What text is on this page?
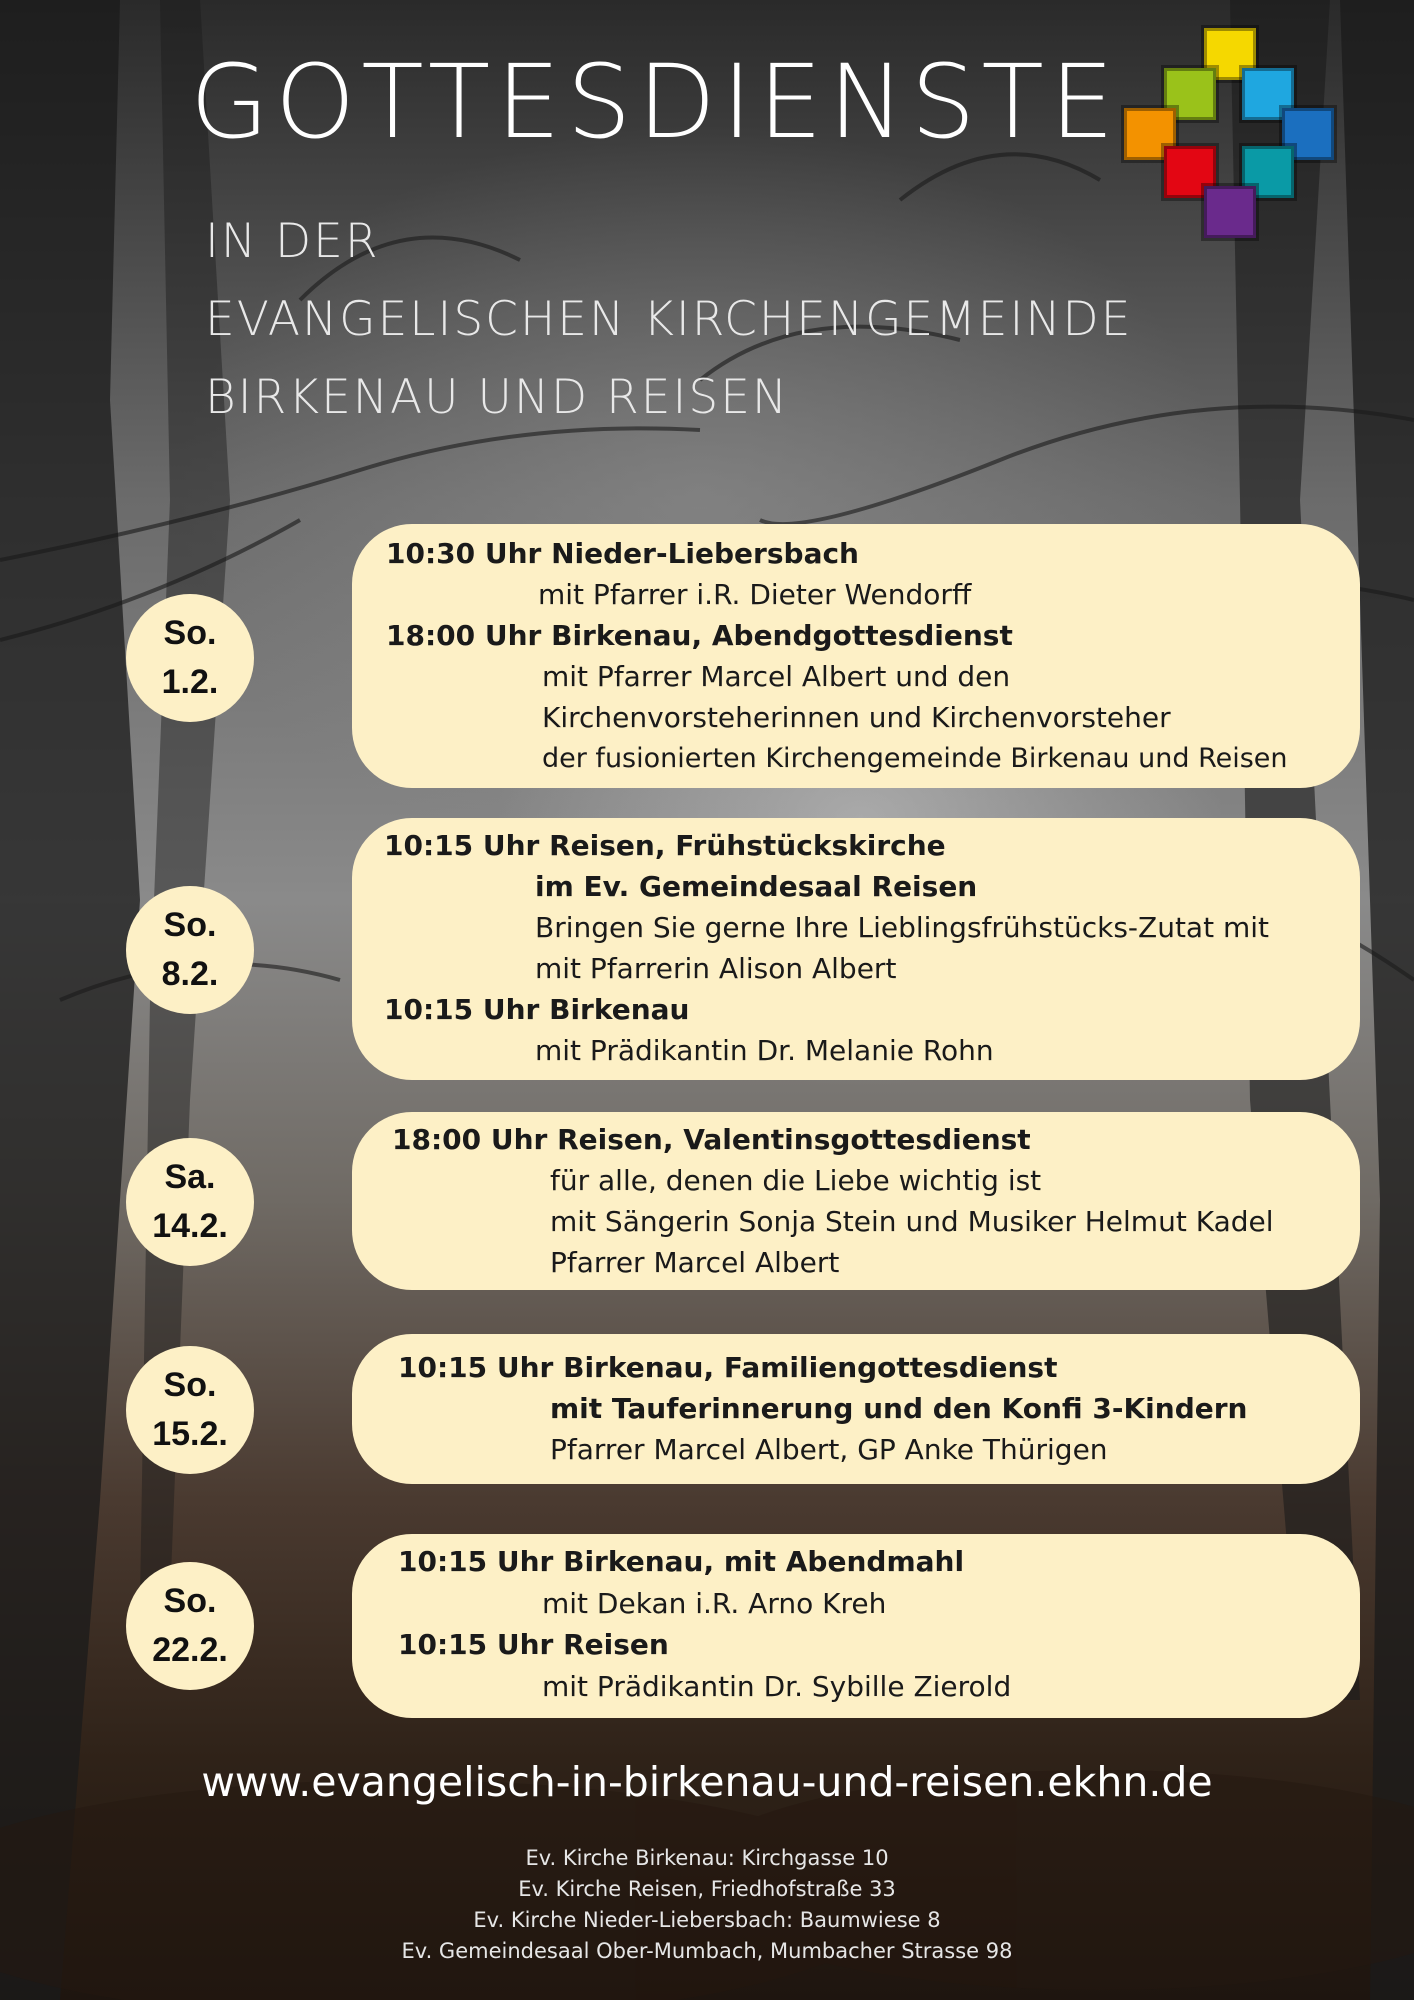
GOTTESDIENSTE
IN DER
EVANGELISCHEN KIRCHENGEMEINDE
BIRKENAU UND REISEN
So.
1.2.
So.
8.2.
Sa.
14.2.
So.
15.2.
So.
22.2.
10:30 Uhr Nieder-Liebersbach
mit Pfarrer i.R. Dieter Wendorff
18:00 Uhr Birkenau, Abendgottesdienst
mit Pfarrer Marcel Albert und den
Kirchenvorsteherinnen und Kirchenvorsteher
der fusionierten Kirchengemeinde Birkenau und Reisen
10:15 Uhr Reisen, Frühstückskirche
im Ev. Gemeindesaal Reisen
Bringen Sie gerne Ihre Lieblingsfrühstücks-Zutat mit
mit Pfarrerin Alison Albert
10:15 Uhr Birkenau
mit Prädikantin Dr. Melanie Rohn
18:00 Uhr Reisen, Valentinsgottesdienst
für alle, denen die Liebe wichtig ist
mit Sängerin Sonja Stein und Musiker Helmut Kadel
Pfarrer Marcel Albert
10:15 Uhr Birkenau, Familiengottesdienst
mit Tauferinnerung und den Konfi 3-Kindern
Pfarrer Marcel Albert, GP Anke Thürigen
10:15 Uhr Birkenau, mit Abendmahl
mit Dekan i.R. Arno Kreh
10:15 Uhr Reisen
mit Prädikantin Dr. Sybille Zierold
www.evangelisch-in-birkenau-und-reisen.ekhn.de
Ev. Kirche Birkenau: Kirchgasse 10
Ev. Kirche Reisen, Friedhofstraße 33
Ev. Kirche Nieder-Liebersbach: Baumwiese 8
Ev. Gemeindesaal Ober-Mumbach, Mumbacher Strasse 98
